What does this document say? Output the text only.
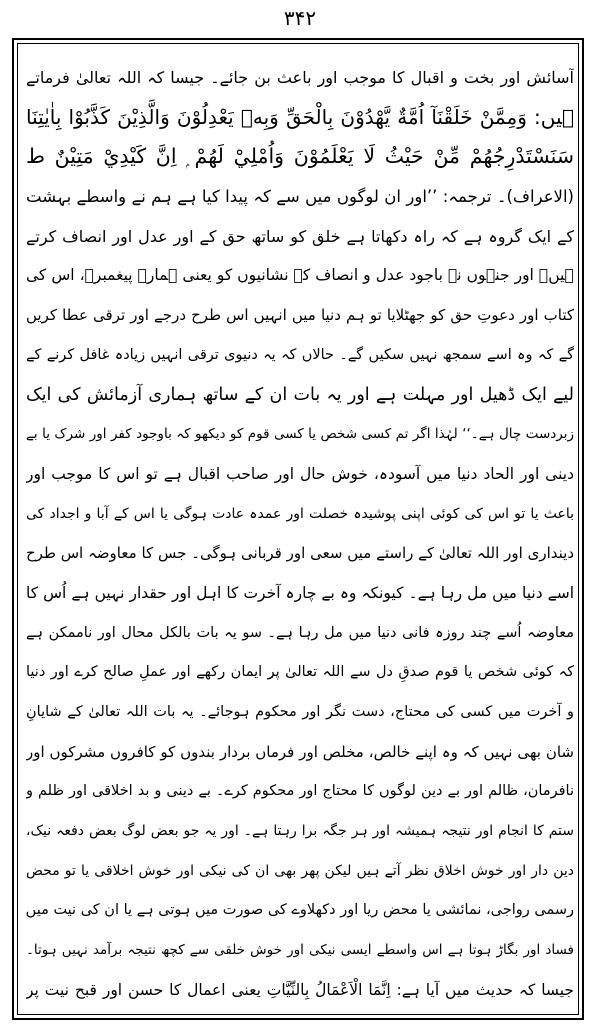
۳۴۲
آسائش اور بخت و اقبال کا موجب اور باعث بن جائے۔ جیسا کہ اللہ تعالیٰ فرماتے
ہیں: وَمِمَّنْ خَلَقْنَآ اُمَّةٌ يَّهْدُوْنَ بِالْحَقِّ وَبِهٖ يَعْدِلُوْنَ وَالَّذِيْنَ كَذَّبُوْا بِاٰيٰتِنَا
سَنَسْتَدْرِجُهُمْ مِّنْ حَيْثُ لَا يَعْلَمُوْنَ وَاُمْلِيْ لَهُمْ ۭ اِنَّ كَيْدِيْ مَتِيْنٌ ط
(الاعراف)۔ ترجمہ: ’’اور ان لوگوں میں سے کہ پیدا کیا ہے ہم نے واسطے بہشت
کے ایک گروہ ہے کہ راہ دکھاتا ہے خلق کو ساتھ حق کے اور عدل اور انصاف کرتے
ہیں۔ اور جنہوں نے باجود عدل و انصاف کے نشانیوں کو یعنی ہمارے پیغمبرؐ، اس کی
کتاب اور دعوتِ حق کو جھٹلایا تو ہم دنیا میں انہیں اس طرح درجے اور ترقی عطا کریں
گے کہ وہ اسے سمجھ نہیں سکیں گے۔ حالاں کہ یہ دنیوی ترقی انہیں زیادہ غافل کرنے کے
لیے ایک ڈھیل اور مہلت ہے اور یہ بات ان کے ساتھ ہماری آزمائش کی ایک
زبردست چال ہے۔‘‘ لہٰذا اگر تم کسی شخص یا کسی قوم کو دیکھو کہ باوجود کفر اور شرک یا بے
دینی اور الحاد دنیا میں آسودہ، خوش حال اور صاحب اقبال ہے تو اس کا موجب اور
باعث یا تو اس کی کوئی اپنی پوشیدہ خصلت اور عمدہ عادت ہوگی یا اس کے آبا و اجداد کی
دینداری اور اللہ تعالیٰ کے راستے میں سعی اور قربانی ہوگی۔ جس کا معاوضہ اس طرح
اسے دنیا میں مل رہا ہے۔ کیونکہ وہ بے چارہ آخرت کا اہل اور حقدار نہیں ہے اُس کا
معاوضہ اُسے چند روزہ فانی دنیا میں مل رہا ہے۔ سو یہ بات بالکل محال اور ناممکن ہے
کہ کوئی شخص یا قوم صدقِ دل سے اللہ تعالیٰ پر ایمان رکھے اور عملِ صالح کرے اور دنیا
و آخرت میں کسی کی محتاج، دست نگر اور محکوم ہوجائے۔ یہ بات اللہ تعالیٰ کے شایانِ
شان بھی نہیں کہ وہ اپنے خالص، مخلص اور فرماں بردار بندوں کو کافروں مشرکوں اور
نافرمان، ظالم اور بے دین لوگوں کا محتاج اور محکوم کرے۔ بے دینی و بد اخلاقی اور ظلم و
ستم کا انجام اور نتیجہ ہمیشہ اور ہر جگہ برا رہتا ہے۔ اور یہ جو بعض لوگ بعض دفعہ نیک،
دین دار اور خوش اخلاق نظر آتے ہیں لیکن پھر بھی ان کی نیکی اور خوش اخلاقی یا تو محض
رسمی رواجی، نمائشی یا محض ریا اور دکھلاوے کی صورت میں ہوتی ہے یا ان کی نیت میں
فساد اور بگاڑ ہوتا ہے اس واسطے ایسی نیکی اور خوش خلقی سے کچھ نتیجہ برآمد نہیں ہوتا۔
جیسا کہ حدیث میں آیا ہے: اِنَّمَا الْاَعْمَالُ بِالنِّيَّاتِ یعنی اعمال کا حسن اور قبح نیت پر
